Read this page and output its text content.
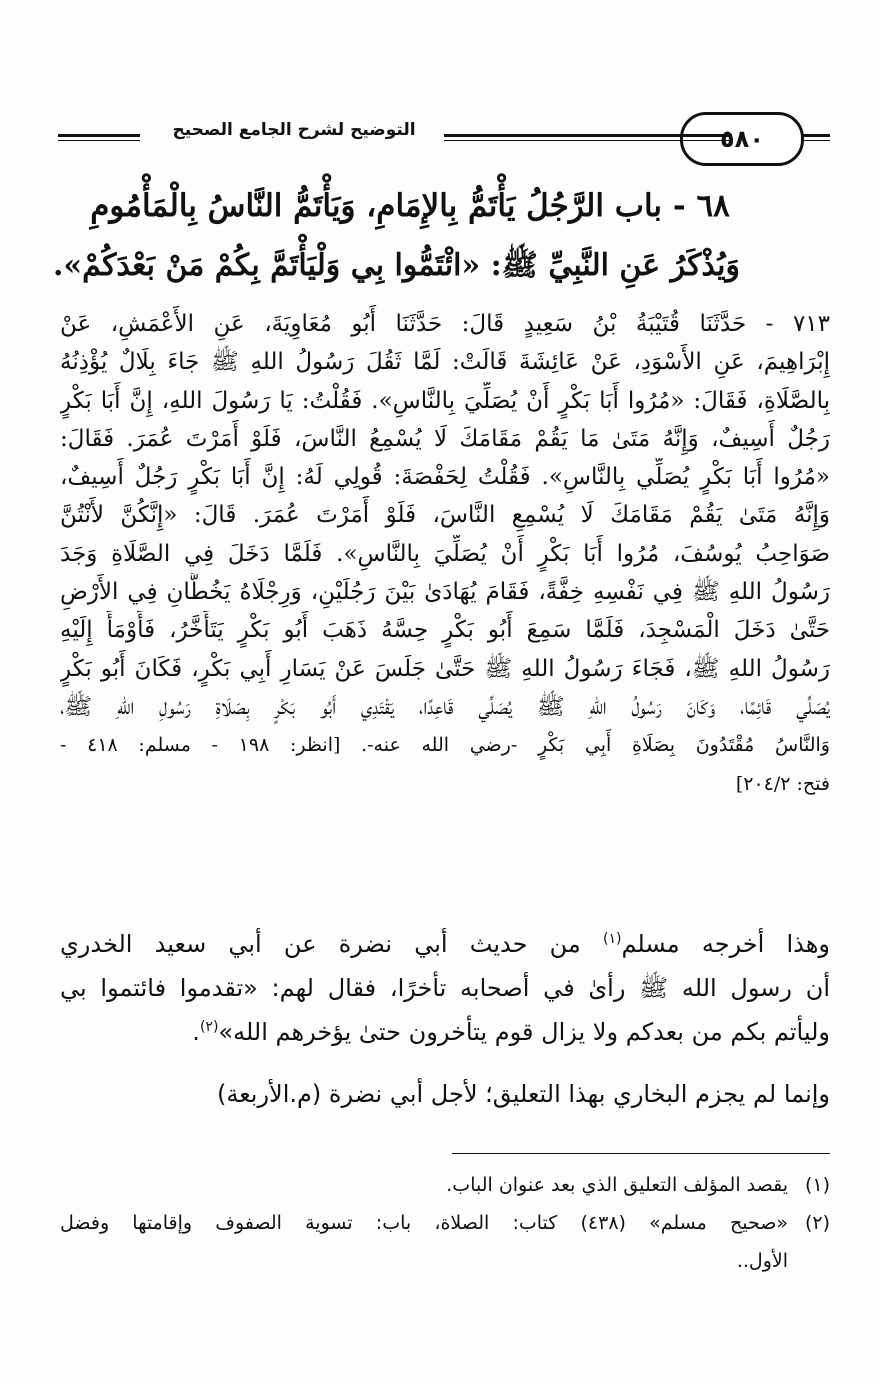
٥٨٠
التوضيح لشرح الجامع الصحيح
٦٨ - باب الرَّجُلُ يَأْتَمُّ بِالإِمَامِ، وَيَأْتَمُّ النَّاسُ بِالْمَأْمُومِ
وَيُذْكَرُ عَنِ النَّبِيِّ ﷺ: «ائْتَمُّوا بِي وَلْيَأْتَمَّ بِكُمْ مَنْ بَعْدَكُمْ».
٧١٣ - حَدَّثَنَا قُتَيْبَةُ بْنُ سَعِيدٍ قَالَ: حَدَّثَنَا أَبُو مُعَاوِيَةَ، عَنِ الأَعْمَشِ، عَنْ
إِبْرَاهِيمَ، عَنِ الأَسْوَدِ، عَنْ عَائِشَةَ قَالَتْ: لَمَّا ثَقُلَ رَسُولُ اللهِ ﷺ جَاءَ بِلَالٌ يُؤْذِنُهُ
بِالصَّلَاةِ، فَقَالَ: «مُرُوا أَبَا بَكْرٍ أَنْ يُصَلِّيَ بِالنَّاسِ». فَقُلْتُ: يَا رَسُولَ اللهِ، إِنَّ أَبَا بَكْرٍ
رَجُلٌ أَسِيفٌ، وَإِنَّهُ مَتَىٰ مَا يَقُمْ مَقَامَكَ لَا يُسْمِعُ النَّاسَ، فَلَوْ أَمَرْتَ عُمَرَ. فَقَالَ:
«مُرُوا أَبَا بَكْرٍ يُصَلِّي بِالنَّاسِ». فَقُلْتُ لِحَفْصَةَ: قُولِي لَهُ: إِنَّ أَبَا بَكْرٍ رَجُلٌ أَسِيفٌ،
وَإِنَّهُ مَتَىٰ يَقُمْ مَقَامَكَ لَا يُسْمِعِ النَّاسَ، فَلَوْ أَمَرْتَ عُمَرَ. قَالَ: «إِنَّكُنَّ لأَنْتُنَّ
صَوَاحِبُ يُوسُفَ، مُرُوا أَبَا بَكْرٍ أَنْ يُصَلِّيَ بِالنَّاسِ». فَلَمَّا دَخَلَ فِي الصَّلَاةِ وَجَدَ
رَسُولُ اللهِ ﷺ فِي نَفْسِهِ خِفَّةً، فَقَامَ يُهَادَىٰ بَيْنَ رَجُلَيْنِ، وَرِجْلَاهُ يَخُطَّانِ فِي الأَرْضِ
حَتَّىٰ دَخَلَ الْمَسْجِدَ، فَلَمَّا سَمِعَ أَبُو بَكْرٍ حِسَّهُ ذَهَبَ أَبُو بَكْرٍ يَتَأَخَّرُ، فَأَوْمَأَ إِلَيْهِ
رَسُولُ اللهِ ﷺ، فَجَاءَ رَسُولُ اللهِ ﷺ حَتَّىٰ جَلَسَ عَنْ يَسَارِ أَبِي بَكْرٍ، فَكَانَ أَبُو بَكْرٍ
يُصَلِّي قَائِمًا، وَكَانَ رَسُولُ اللهِ ﷺ يُصَلِّي قَاعِدًا، يَقْتَدِي أَبُو بَكْرٍ بِصَلَاةِ رَسُولِ اللهِ ﷺ،
وَالنَّاسُ مُقْتَدُونَ بِصَلَاةِ أَبِي بَكْرٍ -رضي الله عنه-. [انظر: ١٩٨ - مسلم: ٤١٨ -
فتح: ٢٠٤/٢]
وهذا أخرجه مسلم$^{(١)}$ من حديث أبي نضرة عن أبي سعيد الخدري
أن رسول الله ﷺ رأىٰ في أصحابه تأخرًا، فقال لهم: «تقدموا فائتموا بي
وليأتم بكم من بعدكم ولا يزال قوم يتأخرون حتىٰ يؤخرهم الله»$^{(٢)}$.
وإنما لم يجزم البخاري بهذا التعليق؛ لأجل أبي نضرة (م.الأربعة)
(١)
يقصد المؤلف التعليق الذي بعد عنوان الباب.
(٢)
«صحيح مسلم» (٤٣٨) كتاب: الصلاة، باب: تسوية الصفوف وإقامتها وفضل
الأول..
